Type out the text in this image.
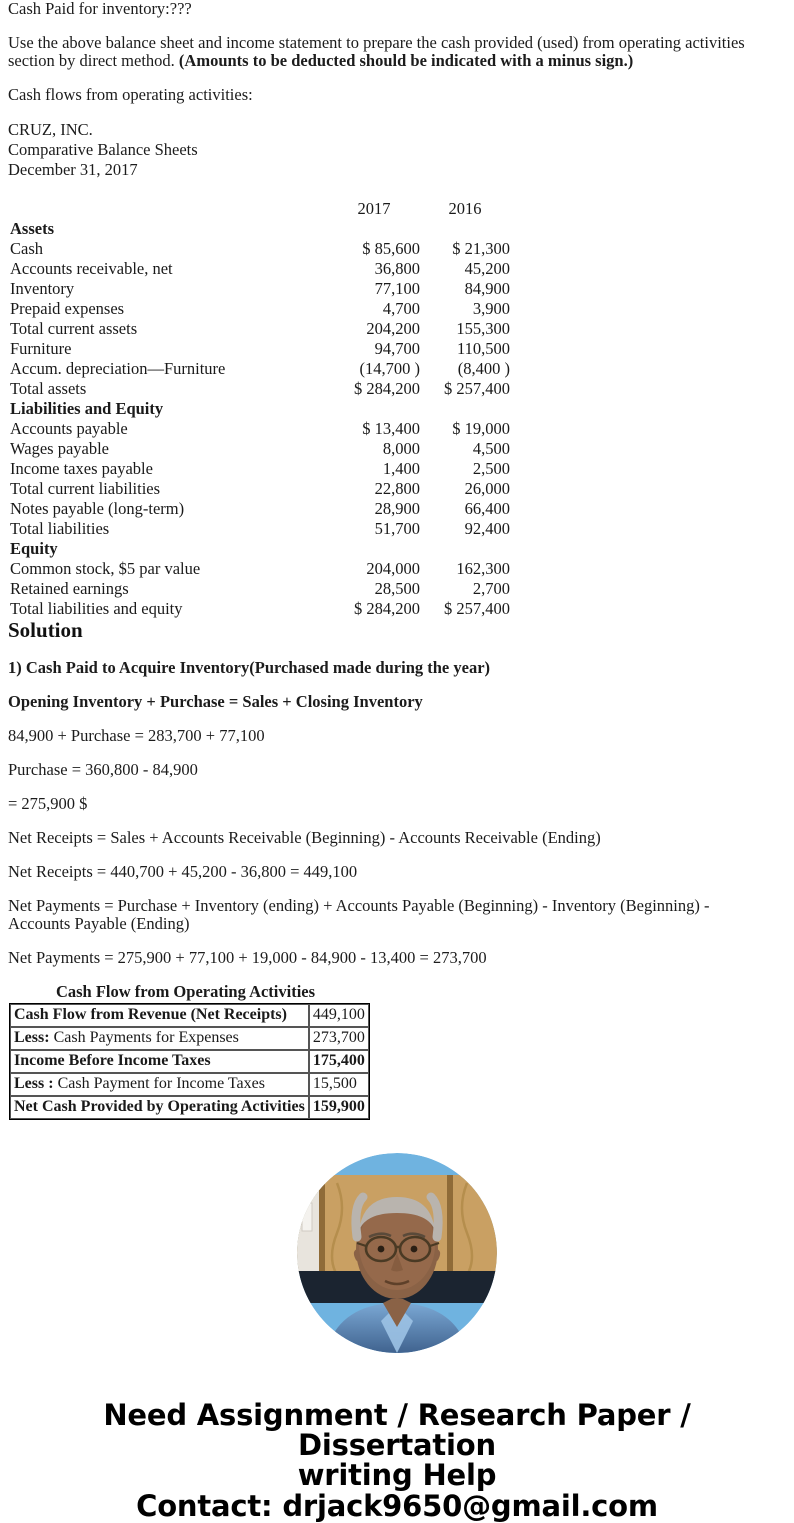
Cash Paid for inventory:???
Use the above balance sheet and income statement to prepare the cash provided (used) from operating activities section by direct method. (Amounts to be deducted should be indicated with a minus sign.)
Cash flows from operating activities:
CRUZ, INC.
Comparative Balance Sheets
December 31, 2017
	2017	2016
Assets		
Cash	$ 85,600	$ 21,300
Accounts receivable, net	36,800	45,200
Inventory	77,100	84,900
Prepaid expenses	4,700	3,900
Total current assets	204,200	155,300
Furniture	94,700	110,500
Accum. depreciation—Furniture	(14,700 )	(8,400 )
Total assets	$ 284,200	$ 257,400
Liabilities and Equity		
Accounts payable	$ 13,400	$ 19,000
Wages payable	8,000	4,500
Income taxes payable	1,400	2,500
Total current liabilities	22,800	26,000
Notes payable (long-term)	28,900	66,400
Total liabilities	51,700	92,400
Equity		
Common stock, $5 par value	204,000	162,300
Retained earnings	28,500	2,700
Total liabilities and equity	$ 284,200	$ 257,400
Solution
1) Cash Paid to Acquire Inventory(Purchased made during the year)
Opening Inventory + Purchase = Sales + Closing Inventory
84,900 + Purchase = 283,700 + 77,100
Purchase = 360,800 - 84,900
= 275,900 $
Net Receipts = Sales + Accounts Receivable (Beginning) - Accounts Receivable (Ending)
Net Receipts = 440,700 + 45,200 - 36,800 = 449,100
Net Payments = Purchase + Inventory (ending) + Accounts Payable (Beginning) - Inventory (Beginning) - Accounts Payable (Ending)
Net Payments = 275,900 + 77,100 + 19,000 - 84,900 - 13,400 = 273,700
Cash Flow from Operating Activities
Cash Flow from Revenue (Net Receipts)	449,100
Less: Cash Payments for Expenses	273,700
Income Before Income Taxes	175,400
Less : Cash Payment for Income Taxes	15,500
Net Cash Provided by Operating Activities	159,900
Need Assignment / Research Paper / Dissertation
writing Help
Contact: drjack9650@gmail.com
